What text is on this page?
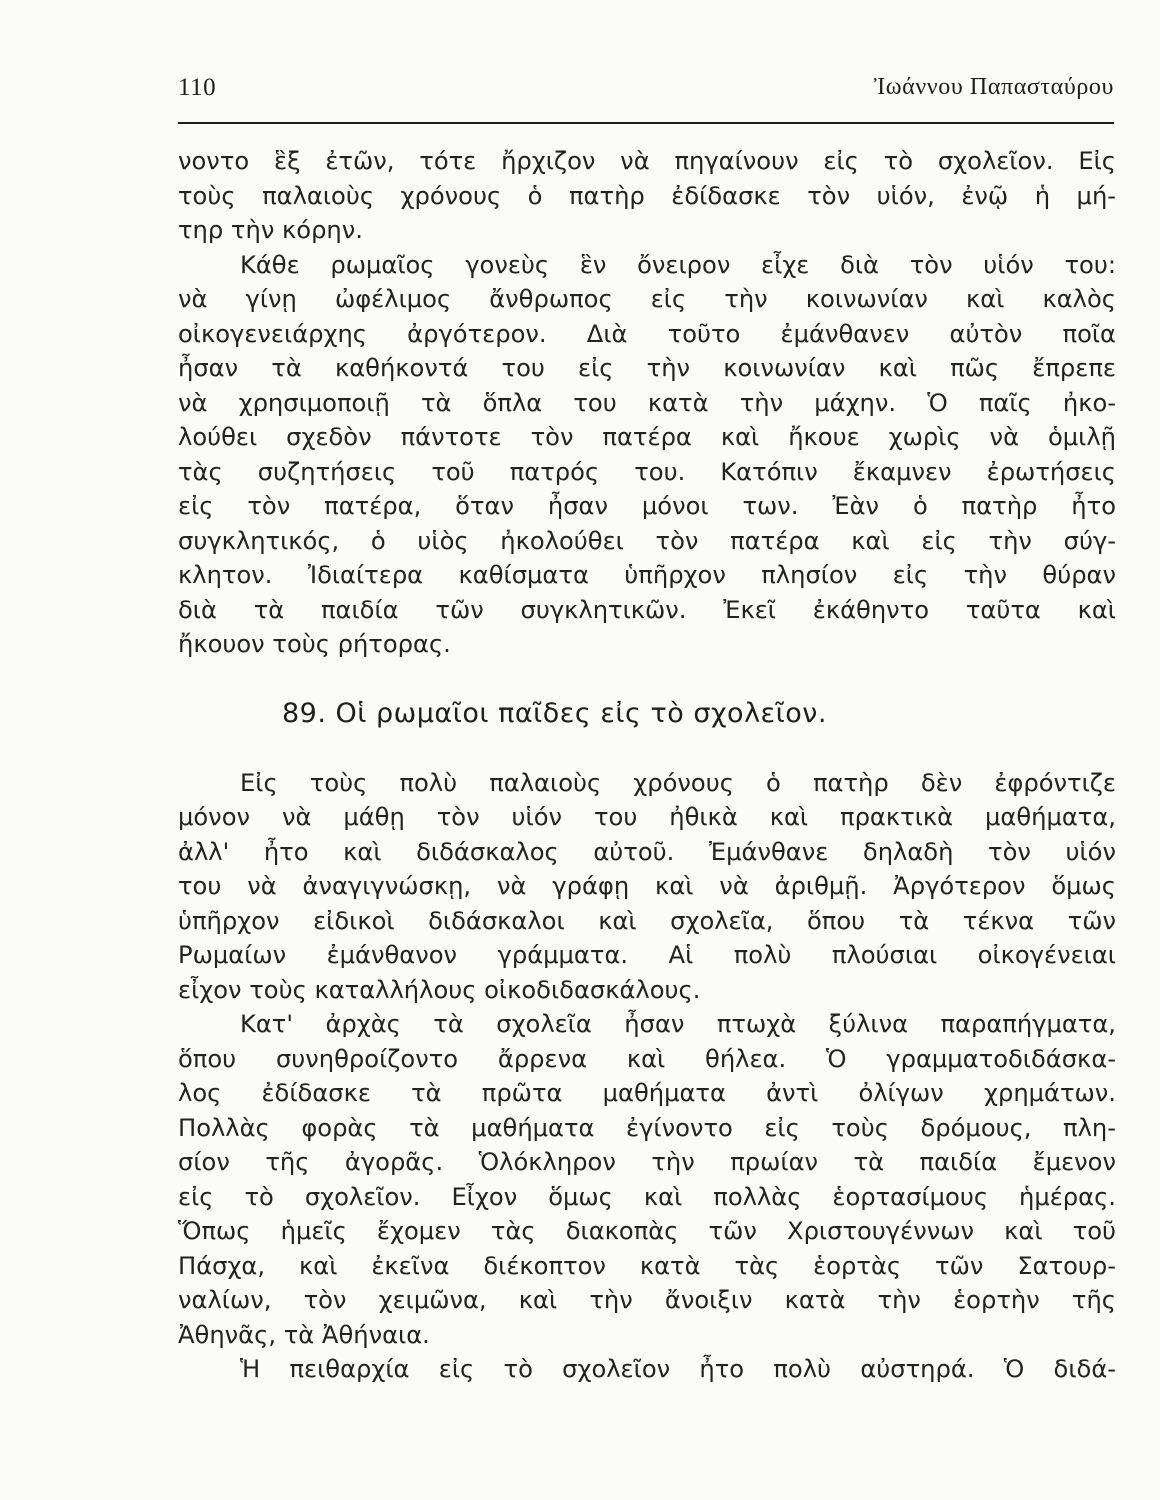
110	Ἰωάννου Παπασταύρου
νοντο ἓξ ἐτῶν, τότε ἤρχιζον νὰ πηγαίνουν εἰς τὸ σχολεῖον. Εἰς
τοὺς παλαιοὺς χρόνους ὁ πατὴρ ἐδίδασκε τὸν υἱόν, ἐνῷ ἡ μή-
τηρ τὴν κόρην.
Κάθε ρωμαῖος γονεὺς ἓν ὄνειρον εἶχε διὰ τὸν υἱόν του:
νὰ γίνῃ ὠφέλιμος ἄνθρωπος εἰς τὴν κοινωνίαν καὶ καλὸς
οἰκογενειάρχης ἀργότερον. Διὰ τοῦτο ἐμάνθανεν αὐτὸν ποῖα
ἦσαν τὰ καθήκοντά του εἰς τὴν κοινωνίαν καὶ πῶς ἔπρεπε
νὰ χρησιμοποιῇ τὰ ὅπλα του κατὰ τὴν μάχην. Ὁ παῖς ἠκο-
λούθει σχεδὸν πάντοτε τὸν πατέρα καὶ ἤκουε χωρὶς νὰ ὁμιλῇ
τὰς συζητήσεις τοῦ πατρός του. Κατόπιν ἔκαμνεν ἐρωτήσεις
εἰς τὸν πατέρα, ὅταν ἦσαν μόνοι των. Ἐὰν ὁ πατὴρ ἦτο
συγκλητικός, ὁ υἱὸς ἠκολούθει τὸν πατέρα καὶ εἰς τὴν σύγ-
κλητον. Ἰδιαίτερα καθίσματα ὑπῆρχον πλησίον εἰς τὴν θύραν
διὰ τὰ παιδία τῶν συγκλητικῶν. Ἐκεῖ ἐκάθηντο ταῦτα καὶ
ἤκουον τοὺς ρήτορας.
89. Οἱ ρωμαῖοι παῖδες εἰς τὸ σχολεῖον.
Εἰς τοὺς πολὺ παλαιοὺς χρόνους ὁ πατὴρ δὲν ἐφρόντιζε
μόνον νὰ μάθῃ τὸν υἱόν του ἠθικὰ καὶ πρακτικὰ μαθήματα,
ἀλλ' ἦτο καὶ διδάσκαλος αὐτοῦ. Ἐμάνθανε δηλαδὴ τὸν υἱόν
του νὰ ἀναγιγνώσκῃ, νὰ γράφῃ καὶ νὰ ἀριθμῇ. Ἀργότερον ὅμως
ὑπῆρχον εἰδικοὶ διδάσκαλοι καὶ σχολεῖα, ὅπου τὰ τέκνα τῶν
Ρωμαίων ἐμάνθανον γράμματα. Αἱ πολὺ πλούσιαι οἰκογένειαι
εἶχον τοὺς καταλλήλους οἰκοδιδασκάλους.
Κατ' ἀρχὰς τὰ σχολεῖα ἦσαν πτωχὰ ξύλινα παραπήγματα,
ὅπου συνηθροίζοντο ἄρρενα καὶ θήλεα. Ὁ γραμματοδιδάσκα-
λος ἐδίδασκε τὰ πρῶτα μαθήματα ἀντὶ ὀλίγων χρημάτων.
Πολλὰς φορὰς τὰ μαθήματα ἐγίνοντο εἰς τοὺς δρόμους, πλη-
σίον τῆς ἀγορᾶς. Ὁλόκληρον τὴν πρωίαν τὰ παιδία ἔμενον
εἰς τὸ σχολεῖον. Εἶχον ὅμως καὶ πολλὰς ἑορτασίμους ἡμέρας.
Ὅπως ἡμεῖς ἔχομεν τὰς διακοπὰς τῶν Χριστουγέννων καὶ τοῦ
Πάσχα, καὶ ἐκεῖνα διέκοπτον κατὰ τὰς ἑορτὰς τῶν Σατουρ-
ναλίων, τὸν χειμῶνα, καὶ τὴν ἄνοιξιν κατὰ τὴν ἑορτὴν τῆς
Ἀθηνᾶς, τὰ Ἀθήναια.
Ἡ πειθαρχία εἰς τὸ σχολεῖον ἦτο πολὺ αὐστηρά. Ὁ διδά-
